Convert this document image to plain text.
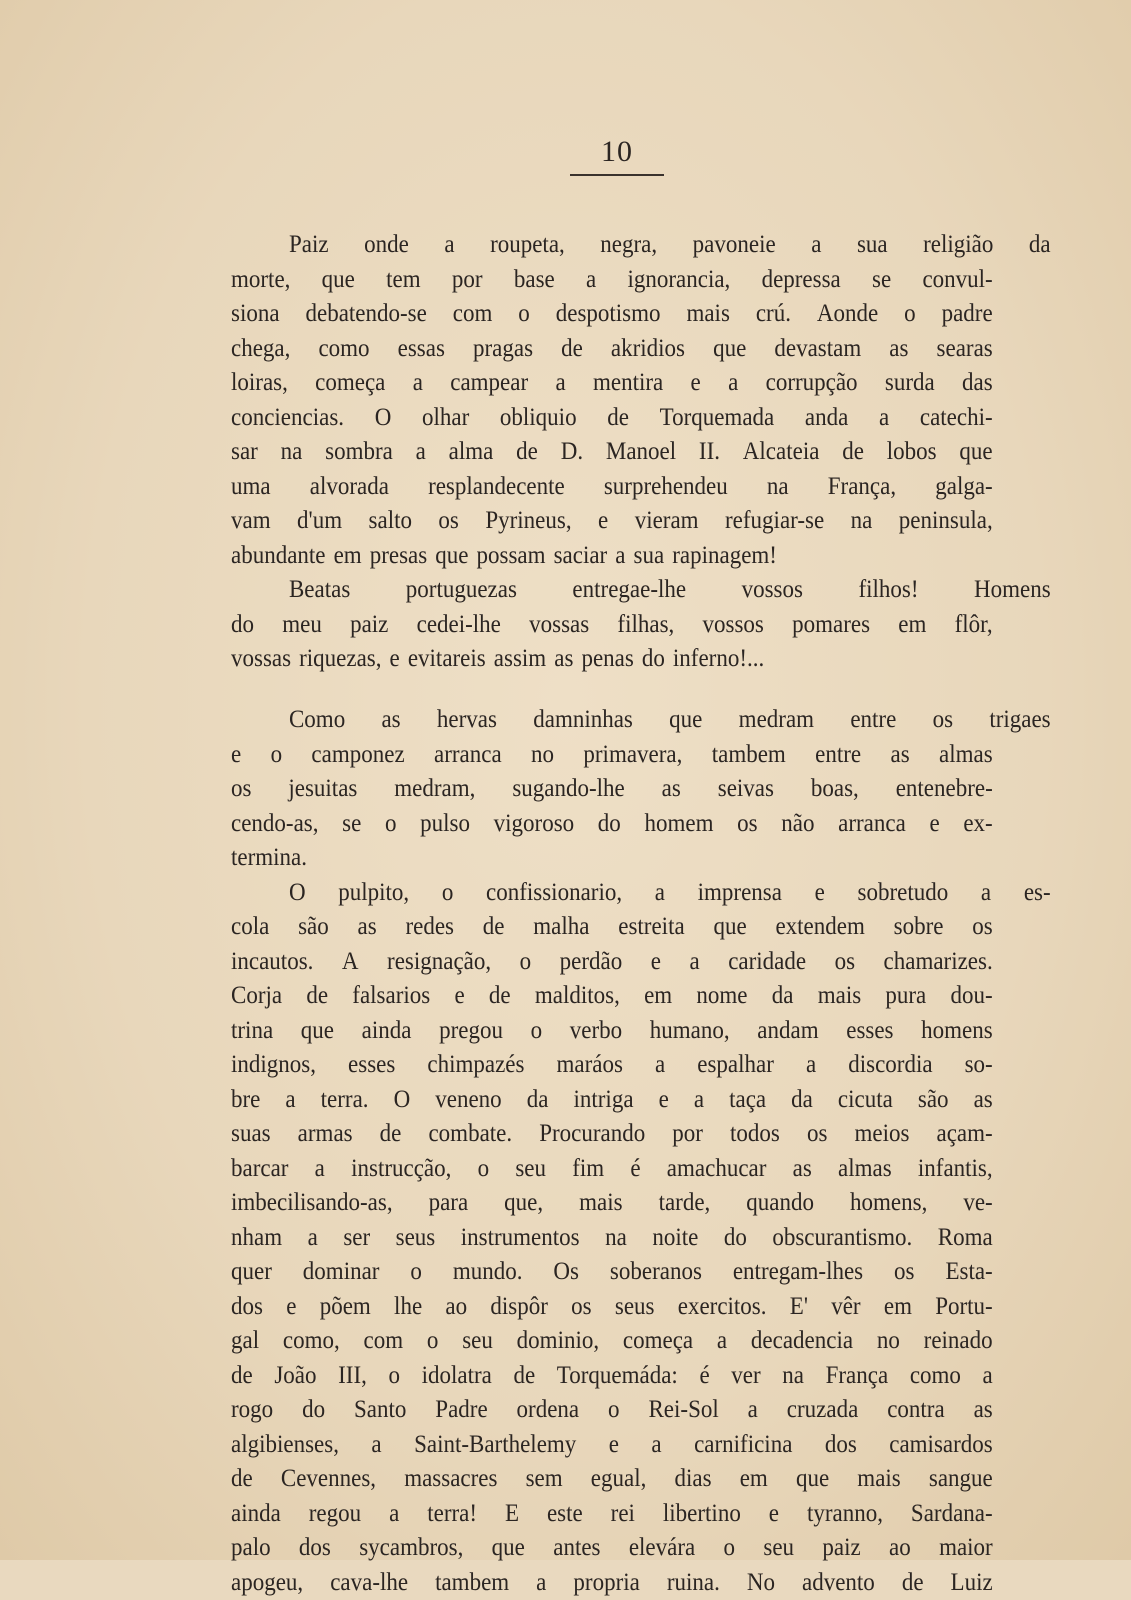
10
Paiz onde a roupeta, negra, pavoneie a sua religião da
morte, que tem por base a ignorancia, depressa se convul-
siona debatendo-se com o despotismo mais crú. Aonde o padre
chega, como essas pragas de akridios que devastam as searas
loiras, começa a campear a mentira e a corrupção surda das
conciencias. O olhar obliquio de Torquemada anda a catechi-
sar na sombra a alma de D. Manoel II. Alcateia de lobos que
uma alvorada resplandecente surprehendeu na França, galga-
vam d'um salto os Pyrineus, e vieram refugiar-se na peninsula,
abundante em presas que possam saciar a sua rapinagem!
Beatas portuguezas entregae-lhe vossos filhos! Homens
do meu paiz cedei-lhe vossas filhas, vossos pomares em flôr,
vossas riquezas, e evitareis assim as penas do inferno!...
Como as hervas damninhas que medram entre os trigaes
e o camponez arranca no primavera, tambem entre as almas
os jesuitas medram, sugando-lhe as seivas boas, entenebre-
cendo-as, se o pulso vigoroso do homem os não arranca e ex-
termina.
O pulpito, o confissionario, a imprensa e sobretudo a es-
cola são as redes de malha estreita que extendem sobre os
incautos. A resignação, o perdão e a caridade os chamarizes.
Corja de falsarios e de malditos, em nome da mais pura dou-
trina que ainda pregou o verbo humano, andam esses homens
indignos, esses chimpazés maráos a espalhar a discordia so-
bre a terra. O veneno da intriga e a taça da cicuta são as
suas armas de combate. Procurando por todos os meios açam-
barcar a instrucção, o seu fim é amachucar as almas infantis,
imbecilisando-as, para que, mais tarde, quando homens, ve-
nham a ser seus instrumentos na noite do obscurantismo. Roma
quer dominar o mundo. Os soberanos entregam-lhes os Esta-
dos e põem lhe ao dispôr os seus exercitos. E' vêr em Portu-
gal como, com o seu dominio, começa a decadencia no reinado
de João III, o idolatra de Torquemáda: é ver na França como a
rogo do Santo Padre ordena o Rei-Sol a cruzada contra as
algibienses, a Saint-Barthelemy e a carnificina dos camisardos
de Cevennes, massacres sem egual, dias em que mais sangue
ainda regou a terra! E este rei libertino e tyranno, Sardana-
palo dos sycambros, que antes elevára o seu paiz ao maior
apogeu, cava-lhe tambem a propria ruina. No advento de Luiz
